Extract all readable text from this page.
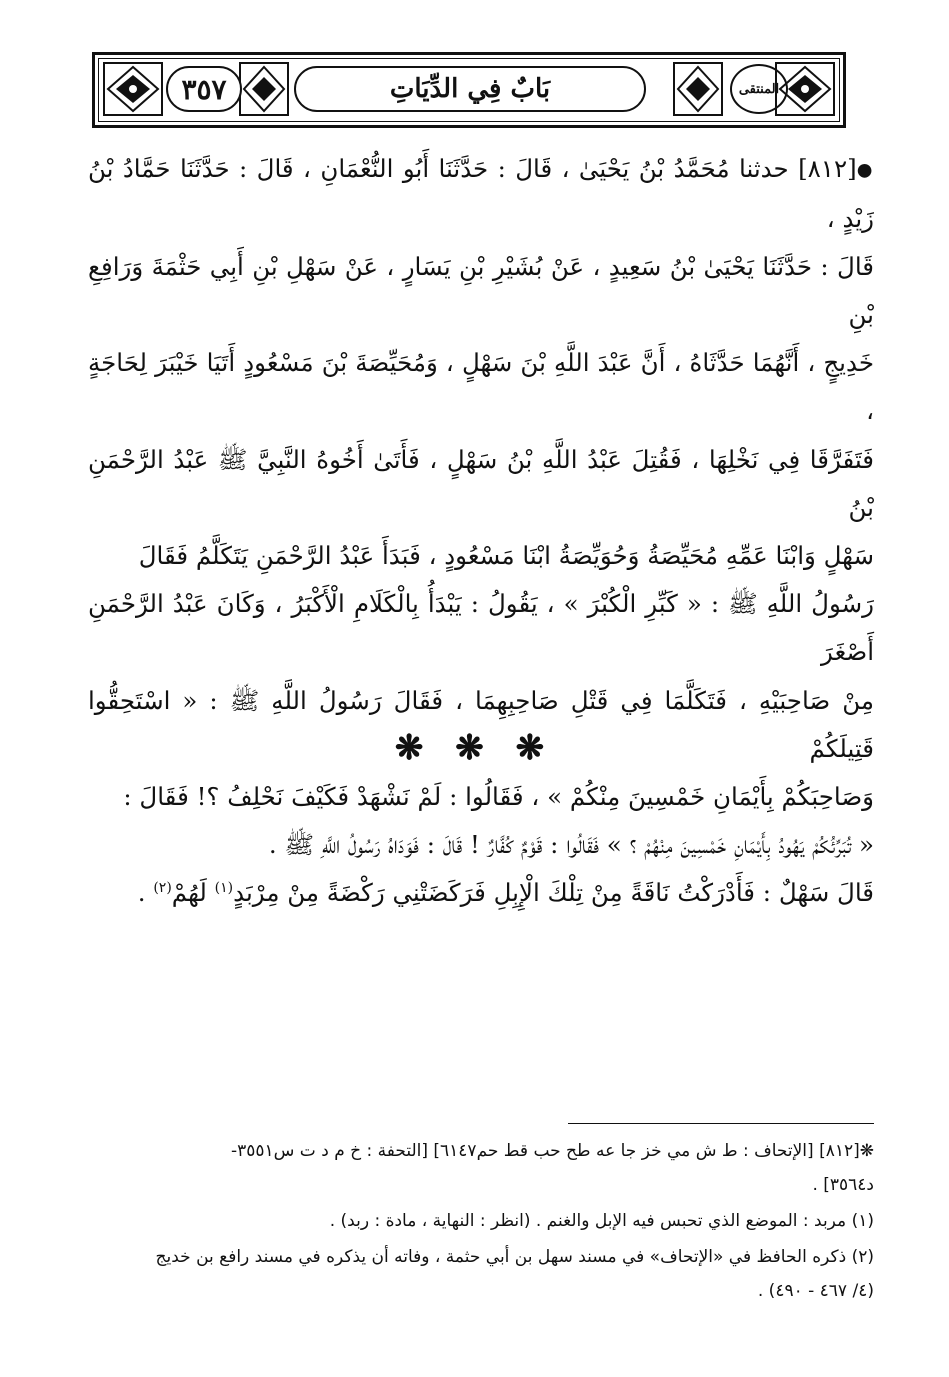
٣٥٧	بَابٌ فِي الدِّيَاتِ	المنتقى

●[٨١٢] حدثنا مُحَمَّدُ بْنُ يَحْيَىٰ ، قَالَ : حَدَّثَنَا أَبُو النُّعْمَانِ ، قَالَ : حَدَّثَنَا حَمَّادُ بْنُ زَيْدٍ ،

قَالَ : حَدَّثَنَا يَحْيَىٰ بْنُ سَعِيدٍ ، عَنْ بُشَيْرِ بْنِ يَسَارٍ ، عَنْ سَهْلِ بْنِ أَبِي حَثْمَةَ وَرَافِعِ بْنِ

خَدِيجٍ ، أَنَّهُمَا حَدَّثَاهُ ، أَنَّ عَبْدَ اللَّهِ بْنَ سَهْلٍ ، وَمُحَيِّصَةَ بْنَ مَسْعُودٍ أَتَيَا خَيْبَرَ لِحَاجَةٍ ،

فَتَفَرَّقَا فِي نَخْلِهَا ، فَقُتِلَ عَبْدُ اللَّهِ بْنُ سَهْلٍ ، فَأَتَىٰ أَخُوهُ النَّبِيَّ ﷺ عَبْدُ الرَّحْمَنِ بْنُ

سَهْلٍ وَابْنَا عَمِّهِ مُحَيِّصَةُ وَحُوَيِّصَةُ ابْنَا مَسْعُودٍ ، فَبَدَأَ عَبْدُ الرَّحْمَنِ يَتَكَلَّمُ فَقَالَ

رَسُولُ اللَّهِ ﷺ : « كَبِّرِ الْكُبْرَ » ، يَقُولُ : يَبْدَأُ بِالْكَلَامِ الْأَكْبَرُ ، وَكَانَ عَبْدُ الرَّحْمَنِ أَصْغَرَ

مِنْ صَاحِبَيْهِ ، فَتَكَلَّمَا فِي قَتْلِ صَاحِبِهِمَا ، فَقَالَ رَسُولُ اللَّهِ ﷺ : « اسْتَحِقُّوا قَتِيلَكُمْ

وَصَاحِبَكُمْ بِأَيْمَانِ خَمْسِينَ مِنْكُمْ » ، فَقَالُوا : لَمْ نَشْهَدْ فَكَيْفَ نَحْلِفُ ؟! فَقَالَ :

« تُبَرِّئُكُمْ يَهُودُ بِأَيْمَانِ خَمْسِينَ مِنْهُمْ ؟ » فَقَالُوا : قَوْمٌ كُفَّارٌ ! قَالَ : فَوَدَاهُ رَسُولُ اللَّهِ ﷺ .

قَالَ سَهْلٌ : فَأَدْرَكْتُ نَاقَةً مِنْ تِلْكَ الْإِبِلِ فَرَكَضَتْنِي رَكْضَةً مِنْ مِرْبَدٍ$^{(١)}$ لَهُمْ$^{(٢)}$ .

❋ ❋ ❋

❋[٨١٢] [الإتحاف : ط ش مي خز جا عه طح حب قط حم٦١٤٧] [التحفة : خ م د ت س٣٥٥١-
د٣٥٦٤] .

(١) مربد : الموضع الذي تحبس فيه الإبل والغنم . (انظر : النهاية ، مادة : ربد) .

(٢) ذكره الحافظ في «الإتحاف» في مسند سهل بن أبي حثمة ، وفاته أن يذكره في مسند رافع بن خديج
(٤/ ٤٦٧ - ٤٩٠) .
